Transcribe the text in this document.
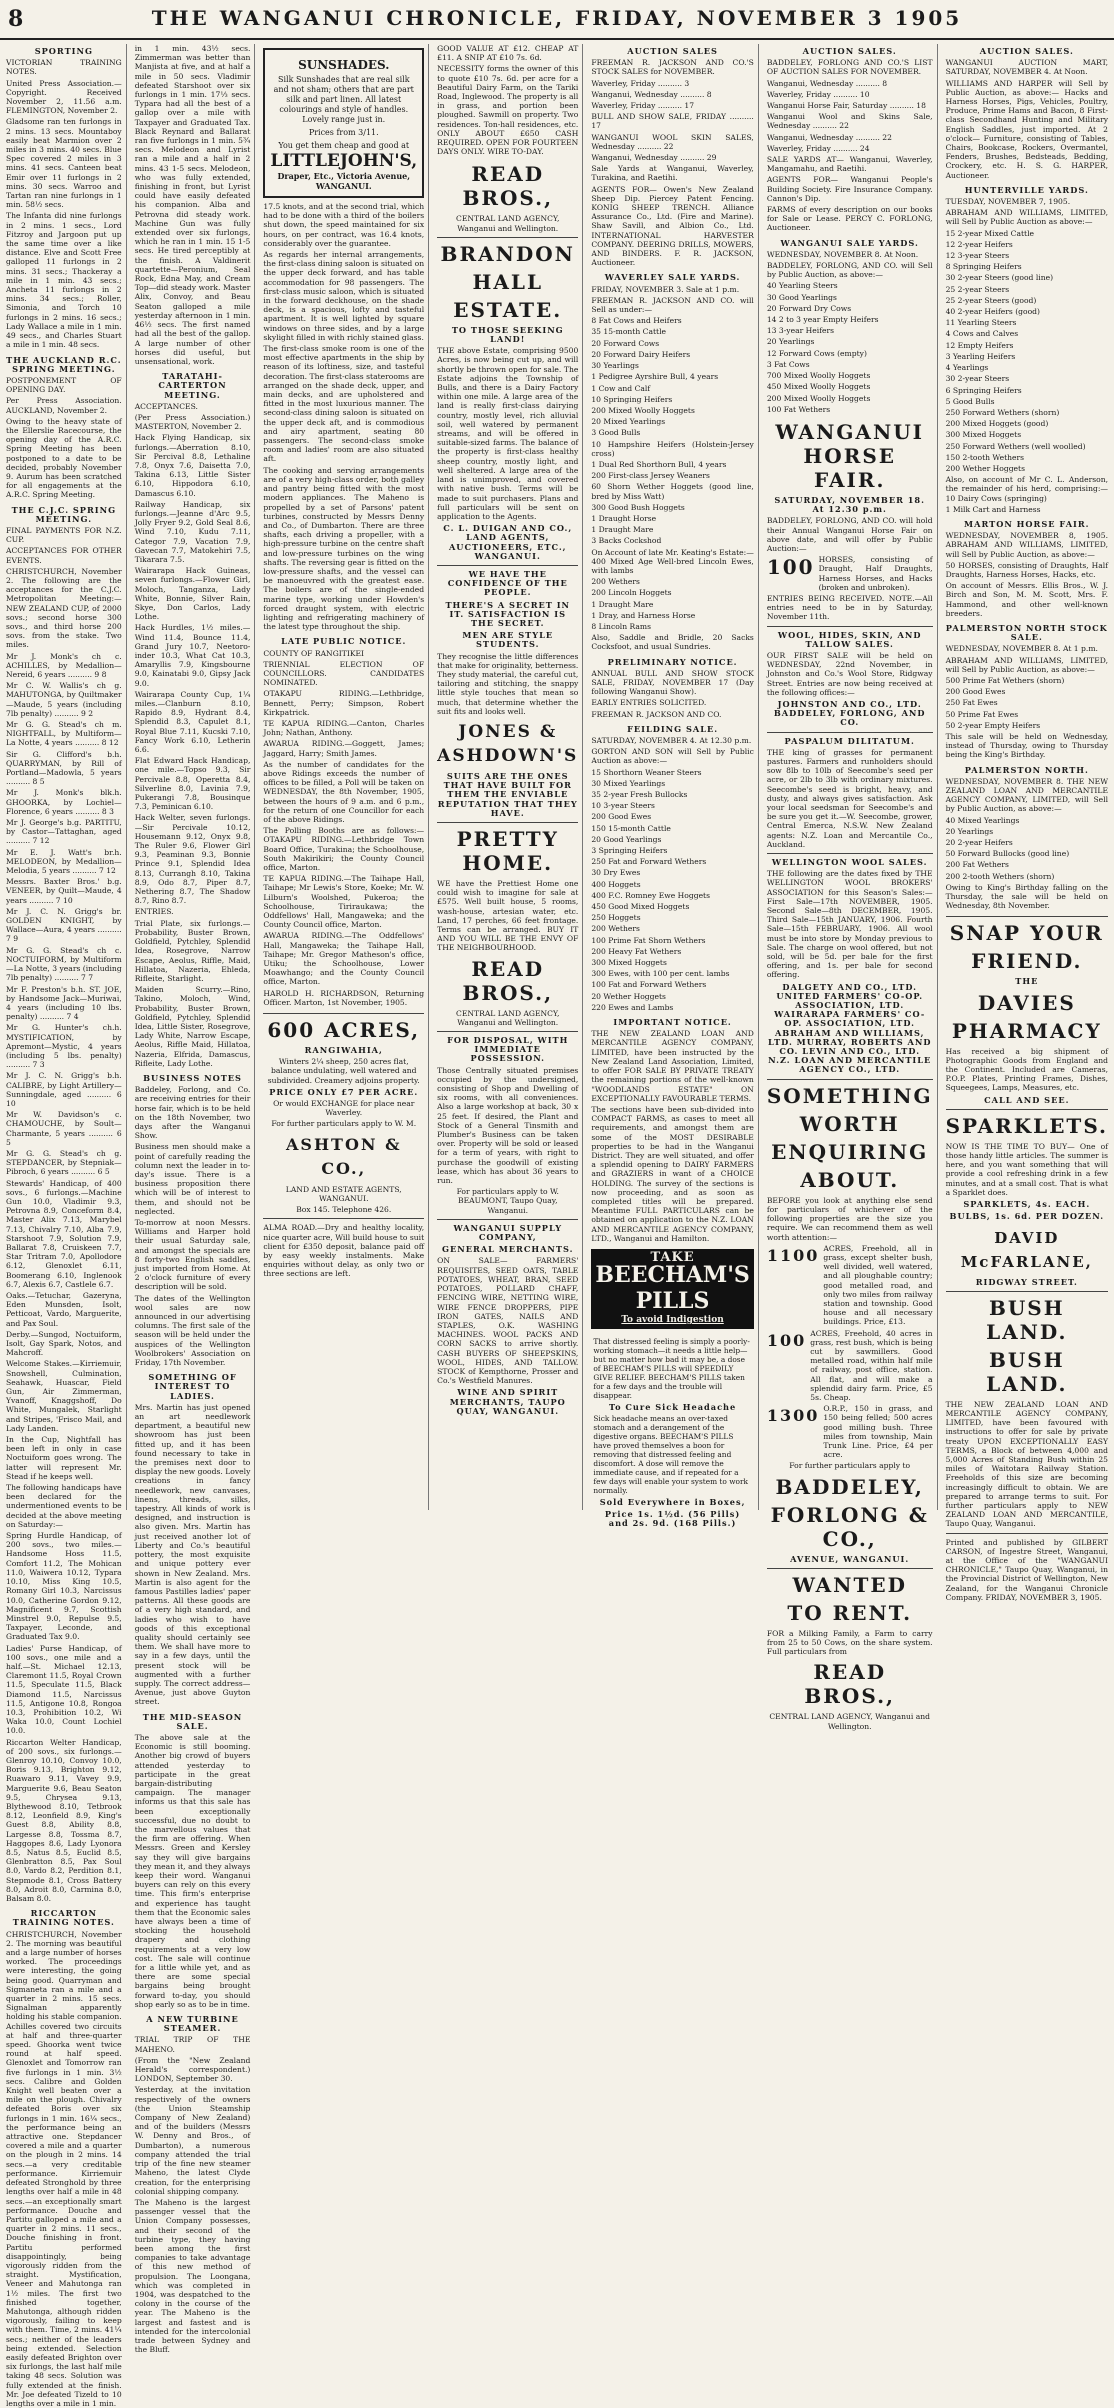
8	THE WANGANUI CHRONICLE, FRIDAY, NOVEMBER 3 1905
SPORTING
VICTORIAN TRAINING NOTES.
United Press Association.—Copyright. Received November 2, 11.56 a.m. FLEMINGTON, November 2.
Gladsome ran ten furlongs in 2 mins. 13 secs. Mountaboy easily beat Marmion over 2 miles in 3 mins. 40 secs. Blue Spec covered 2 miles in 3 mins. 41 secs. Canteen beat Emir over 11 furlongs in 2 mins. 30 secs. Warroo and Tartan ran nine furlongs in 1 min. 58½ secs.
The Infanta did nine furlongs in 2 mins. 1 secs., Lord Fitzroy and Jargoon put up the same time over a like distance. Elve and Scott Free galloped 11 furlongs in 2 mins. 31 secs.; Thackeray a mile in 1 min. 43 secs.; Ancheta 11 furlongs in 2 mins. 34 secs.; Roller, Simonia, and Torch 10 furlongs in 2 mins. 16 secs.; Lady Wallace a mile in 1 min. 49 secs., and Charles Stuart a mile in 1 min. 48 secs.
THE AUCKLAND R.C. SPRING MEETING.
POSTPONEMENT OF OPENING DAY.
Per Press Association. AUCKLAND, November 2.
Owing to the heavy state of the Ellerslie Racecourse, the opening day of the A.R.C. Spring Meeting has been postponed to a date to be decided, probably November 9. Aurum has been scratched for all engagements at the A.R.C. Spring Meeting.
THE C.J.C. SPRING MEETING.
FINAL PAYMENTS FOR N.Z. CUP.
ACCEPTANCES FOR OTHER EVENTS.
CHRISTCHURCH, November 2. The following are the acceptances for the C.J.C. Metropolitan Meeting:— NEW ZEALAND CUP, of 2000 sovs.; second horse 300 sovs., and third horse 200 sovs. from the stake. Two miles.
Mr J. Monk's ch c. ACHILLES, by Medallion—Nereid, 6 years .......... 9 8
Mr C. W. Wallis's ch g. MAHUTONGA, by Quiltmaker—Maude, 5 years (including 7lb penalty) .......... 9 2
Mr G. G. Stead's ch m. NIGHTFALL, by Multiform—La Notte, 4 years .......... 8 12
Sir G. Clifford's b.h. QUARRYMAN, by Rill of Portland—Madowla, 5 years .......... 8 5
Mr J. Monk's blk.h. GHOORKA, by Lochiel—Florence, 6 years .......... 8 3
Mr J. George's b.g. PARTITU, by Castor—Tattaghan, aged .......... 7 12
Mr E. J. Watt's br.h. MELODEON, by Medallion—Melodia, 5 years .......... 7 12
Messrs. Baxter Bros.' b.g. VENEER, by Quilt—Maude, 4 years .......... 7 10
Mr J. C. N. Grigg's br. GOLDEN KNIGHT, by Wallace—Aura, 4 years .......... 7 9
Mr G. G. Stead's ch c. NOCTUIFORM, by Multiform—La Notte, 3 years (including 7lb penalty) .......... 7 7
Mr F. Preston's b.h. ST. JOE, by Handsome Jack—Muriwai, 4 years (including 10 lbs. penalty) .......... 7 4
Mr G. Hunter's ch.h. MYSTIFICATION, by Apremont—Mystic, 4 years (including 5 lbs. penalty) .......... 7 3
Mr J. C. N. Grigg's b.h. CALIBRE, by Light Artillery—Sunningdale, aged .......... 6 10
Mr W. Davidson's c. CHAMOUCHE, by Soult—Charmante, 5 years .......... 6 5
Mr G. G. Stead's ch g. STEPDANCER, by Stepniak—Pibroch, 6 years .......... 6 5
Stewards' Handicap, of 400 sovs., 6 furlongs.—Machine Gun 10.0, Vladimir 9.3, Petrovna 8.9, Conceform 8.4, Master Alix 7.13, Marybel 7.13, Chivalry 7.10, Alba 7.9, Starshoot 7.9, Solution 7.9, Ballarat 7.8, Cruiskeen 7.7, Star Tritram 7.0, Apollodore 6.12, Glenoxlet 6.11, Boomerang 6.10, Inglenook 6.7, Alexis 6.7, Castlele 6.7.
Oaks.—Tetuchar, Gazeryna, Eden Munsden, Isolt, Petticoat, Vardo, Marguerite, and Pax Soul.
Derby.—Sungod, Noctuiform, Isolt, Gay Spark, Notos, and Mahcroff.
Welcome Stakes.—Kirriemuir, Snowshell, Culmination, Seahawk, Huascar, Field Gun, Air Zimmerman, Yvanoff, Knaggshoff, Do White, Mungalek, Starlight and Stripes, 'Frisco Mail, and Lady Landen.
In the Cup, Nightfall has been left in only in case Noctuiform goes wrong. The latter will represent Mr. Stead if he keeps well.
The following handicaps have been declared for the undermentioned events to be decided at the above meeting on Saturday:—
Spring Hurdle Handicap, of 200 sovs., two miles.—Handsome Hoss 11.5, Comfort 11.2, The Mohican 11.0, Waiwera 10.12, Typara 10.10, Miss King 10.5, Romany Girl 10.3, Narcissus 10.0, Catherine Gordon 9.12, Magnificent 9.7, Scottish Minstrel 9.0, Repulse 9.5, Taxpayer, Leconde, and Graduated Tax 9.0.
Ladies' Purse Handicap, of 100 sovs., one mile and a half.—St. Michael 12.13, Claremont 11.5, Royal Crown 11.5, Speculate 11.5, Black Diamond 11.5, Narcissus 11.5, Antigone 10.8, Rongoa 10.3, Prohibition 10.2, Wi Waka 10.0, Count Lochiel 10.0.
Riccarton Welter Handicap, of 200 sovs., six furlongs.—Glenroy 10.10, Convoy 10.0, Boris 9.13, Brighton 9.12, Ruawaro 9.11, Vavey 9.9, Marguerite 9.6, Beau Seaton 9.5, Chrysea 9.13, Blythewood 8.10, Tetbrook 8.12, Leonfield 8.9, King's Guest 8.8, Ability 8.8, Largesse 8.8, Tossma 8.7, Haggopes 8.6, Lady Lyonora 8.5, Natus 8.5, Euclid 8.5, Glenbratton 8.5, Pax Soul 8.0, Vardo 8.2, Perdition 8.1, Stepmode 8.1, Cross Battery 8.0, Adroit 8.0, Carmina 8.0, Balsam 8.0.
RICCARTON TRAINING NOTES.
CHRISTCHURCH, November 2. The morning was beautiful and a large number of horses worked. The proceedings were interesting, the going being good. Quarryman and Sigmaneta ran a mile and a quarter in 2 mins. 15 secs. Signalman apparently holding his stable companion. Achilles covered two circuits at half and three-quarter speed. Ghoorka went twice round at half speed. Glenoxlet and Tomorrow ran five furlongs in 1 min. 3½ secs. Calibre and Golden Knight well beaten over a mile on the plough. Chivalry defeated Boris over six furlongs in 1 min. 16¼ secs., the performance being an attractive one. Stepdancer covered a mile and a quarter on the plough in 2 mins. 14 secs.—a very creditable performance. Kirriemuir defeated Stronghold by three lengths over half a mile in 48 secs.—an exceptionally smart performance. Douche and Partitu galloped a mile and a quarter in 2 mins. 11 secs., Douche finishing in front. Partitu performed disappointingly, being vigorously ridden from the straight. Mystification, Veneer and Mahutonga ran 1½ miles. The first two finished together, Mahutonga, although ridden vigorously, failing to keep with them. Time, 2 mins. 41¼ secs.; neither of the leaders being extended. Selection easily defeated Brighton over six furlongs, the last half mile taking 48 secs. Solution was fully extended at the finish. Mr. Joe defeated Tizeld to 10 lengths over a mile in 1 min.
in 1 min. 43½ secs. Zimmerman was better than Manjista at five, and at half a mile in 50 secs. Vladimir defeated Starshoot over six furlongs in 1 min. 17⅓ secs. Typara had all the best of a gallop over a mile with Taxpayer and Graduated Tax. Black Reynard and Ballarat ran five furlongs in 1 min. 5¾ secs. Melodeon and Lyrist ran a mile and a half in 2 mins. 43 1-5 secs. Melodeon, who was fully extended, finishing in front, but Lyrist could have easily defeated his companion. Alba and Petrovna did steady work. Machine Gun was fully extended over six furlongs, which he ran in 1 min. 15 1-5 secs. He tired perceptibly at the finish. A Valdinerit quartette—Peronium, Seal Rock, Edna May, and Cream Top—did steady work. Master Alix, Convoy, and Beau Seaton galloped a mile yesterday afternoon in 1 min. 46½ secs. The first named had all the best of the gallop. A large number of other horses did useful, but unsensational, work.
TARATAHI-CARTERTON MEETING.
ACCEPTANCES.
(Per Press Association.) MASTERTON, November 2.
Hack Flying Handicap, six furlongs.—Aberration 8.10, Sir Percival 8.8, Lethaline 7.8, Onyx 7.6, Daisetta 7.0, Takina 6.13, Little Sister 6.10, Hippodora 6.10, Damascus 6.10.
Railway Handicap, six furlongs.—Jeanne d'Arc 9.5, Jolly Fryer 9.2, Gold Seal 8.6, Wind 7.10, Kudu 7.11, Categor 7.9, Vacation 7.9, Gavecan 7.7, Matokehiri 7.5, Tikarara 7.5.
Wairarapa Hack Guineas, seven furlongs.—Flower Girl, Moloch, Tanganza, Lady White, Bonnie, Silver Rain, Skye, Don Carlos, Lady Lothe.
Hack Hurdles, 1½ miles.—Wind 11.4, Bounce 11.4, Grand Jury 10.7, Neetoro-inder 10.3, What Cat 10.3, Amaryllis 7.9, Kingsbourne 9.0, Kainatabi 9.0, Gipsy Jack 9.0.
Wairarapa County Cup, 1¼ miles.—Clanburn 8.10, Rapido 8.9, Hydrant 8.4, Splendid 8.3, Capulet 8.1, Royal Blue 7.11, Kucski 7.10, Fancy Work 6.10, Letherin 6.6.
Flat Edward Hack Handicap, one mile.—Topso 9.3, Sir Percivale 8.8, Operetta 8.4, Silverline 8.0, Lavinia 7.9, Pukerangi 7.8, Bousinque 7.3, Peminican 6.10.
Hack Welter, seven furlongs.—Sir Percivale 10.12, Housemann 9.12, Onyx 9.8, The Ruler 9.6, Flower Girl 9.3, Peaminan 9.3, Bonnie Prince 9.1, Splendid Idea 8.13, Currangh 8.10, Takina 8.9, Odo 8.7, Piper 8.7, Nethering 8.7, The Shadow 8.7, Rino 8.7.
ENTRIES.
Trial Plate, six furlongs.—Probability, Buster Brown, Goldfield, Pytchley, Splendid Idea, Rosegrove, Narrow Escape, Aeolus, Riffle, Maid, Hillatoa, Nazeria, Ehleda, Rifleite, Starlight.
Maiden Scurry.—Rino, Takino, Moloch, Wind, Probability, Buster Brown, Goldfield, Pytchley, Splendid Idea, Little Sister, Rosegrove, Lady White, Narrow Escape, Aeolus, Riffle Maid, Hillatoa, Nazeria, Elfrida, Damascus, Rifleite, Lady Lothe.
BUSINESS NOTES
Baddeley, Forlong, and Co. are receiving entries for their horse fair, which is to be held on the 18th November, two days after the Wanganui Show.
Business men should make a point of carefully reading the column next the leader in to-day's issue. There is a business proposition there which will be of interest to them, and should not be neglected.
To-morrow at noon Messrs. Williams and Harper hold their usual Saturday sale, and amongst the specials are 8 forty-two English saddles, just imported from Home. At 2 o'clock furniture of every description will be sold.
The dates of the Wellington wool sales are now announced in our advertising columns. The first sale of the season will be held under the auspices of the Wellington Woolbrokers' Association on Friday, 17th November.
SOMETHING OF INTEREST TO LADIES.
Mrs. Martin has just opened an art needlework department, a beautiful new showroom has just been fitted up, and it has been found necessary to take in the premises next door to display the new goods. Lovely creations in fancy needlework, new canvases, linens, threads, silks, tapestry. All kinds of work is designed, and instruction is also given. Mrs. Martin has just received another lot of Liberty and Co.'s beautiful pottery, the most exquisite and unique pottery ever shown in New Zealand. Mrs. Martin is also agent for the famous Pastilles ladies' paper patterns. All these goods are of a very high standard, and ladies who wish to have goods of this exceptional quality should certainly see them. We shall have more to say in a few days, until the present stock will be augmented with a further supply. The correct address—Avenue, just above Guyton street.
THE MID-SEASON SALE.
The above sale at the Economic is still booming. Another big crowd of buyers attended yesterday to participate in the great bargain-distributing campaign. The manager informs us that this sale has been exceptionally successful, due no doubt to the marvellous values that the firm are offering. When Messrs. Green and Kersley say they will give bargains they mean it, and they always keep their word. Wanganui buyers can rely on this every time. This firm's enterprise and experience has taught them that the Economic sales have always been a time of stocking the household drapery and clothing requirements at a very low cost. The sale will continue for a little while yet, and as there are some special bargains being brought forward to-day, you should shop early so as to be in time.
A NEW TURBINE STEAMER.
TRIAL TRIP OF THE MAHENO.
(From the "New Zealand Herald's correspondent.) LONDON, September 30.
Yesterday, at the invitation respectively of the owners (the Union Steamship Company of New Zealand) and of the builders (Messrs W. Denny and Bros., of Dumbarton), a numerous company attended the trial trip of the fine new steamer Maheno, the latest Clyde creation, for the enterprising colonial shipping company.
The Maheno is the largest passenger vessel that the Union Company possesses, and their second of the turbine type, they having been among the first companies to take advantage of this new method of propulsion. The Loongana, which was completed in 1904, was despatched to the colony in the course of the year. The Maheno is the largest and fastest and is intended for the intercolonial trade between Sydney and the Bluff.
SUNSHADES.
Silk Sunshades that are real silk and not sham; others that are part silk and part linen. All latest colourings and style of handles. Lovely range just in.
Prices from 3/11.
You get them cheap and good at
LITTLEJOHN'S,
Draper, Etc., Victoria Avenue, WANGANUI.
17.5 knots, and at the second trial, which had to be done with a third of the boilers shut down, the speed maintained for six hours, on per contract, was 16.4 knots, considerably over the guarantee.
As regards her internal arrangements, the first-class dining saloon is situated on the upper deck forward, and has table accommodation for 98 passengers. The first-class music saloon, which is situated in the forward deckhouse, on the shade deck, is a spacious, lofty and tasteful apartment. It is well lighted by square windows on three sides, and by a large skylight filled in with richly stained glass.
The first-class smoke room is one of the most effective apartments in the ship by reason of its loftiness, size, and tasteful decoration. The first-class staterooms are arranged on the shade deck, upper, and main decks, and are upholstered and fitted in the most luxurious manner. The second-class dining saloon is situated on the upper deck aft, and is commodious and airy apartment, seating 80 passengers. The second-class smoke room and ladies' room are also situated aft.
The cooking and serving arrangements are of a very high-class order, both galley and pantry being fitted with the most modern appliances. The Maheno is propelled by a set of Parsons' patent turbines, constructed by Messrs Denny and Co., of Dumbarton. There are three shafts, each driving a propeller, with a high-pressure turbine on the centre shaft and low-pressure turbines on the wing shafts. The reversing gear is fitted on the low-pressure shafts, and the vessel can be manoeuvred with the greatest ease. The boilers are of the single-ended marine type, working under Howden's forced draught system, with electric lighting and refrigerating machinery of the latest type throughout the ship.
LATE PUBLIC NOTICE.
COUNTY OF RANGITIKEI
TRIENNIAL ELECTION OF COUNCILLORS. CANDIDATES NOMINATED.
OTAKAPU RIDING.—Lethbridge, Bennett, Perry; Simpson, Robert Kirkpatrick.
TE KAPUA RIDING.—Canton, Charles John; Nathan, Anthony.
AWARUA RIDING.—Goggett, James; Jaggard, Harry; Smith James.
As the number of candidates for the above Ridings exceeds the number of offices to be filled, a Poll will be taken on WEDNESDAY, the 8th November, 1905, between the hours of 9 a.m. and 6 p.m., for the return of one Councillor for each of the above Ridings.
The Polling Booths are as follows:—OTAKAPU RIDING.—Lethbridge Town Board Office, Turakina; the Schoolhouse, South Makirikiri; the County Council office, Marton.
TE KAPUA RIDING.—The Taihape Hall, Taihape; Mr Lewis's Store, Koeke; Mr. W. Lilburn's Woolshed, Pukeroa; the Schoolhouse, Tiriraukawa; the Oddfellows' Hall, Mangaweka; and the County Council office, Marton.
AWARUA RIDING.—The Oddfellows' Hall, Mangaweka; the Taihape Hall, Taihape; Mr. Gregor Matheson's office, Utiku; the Schoolhouse, Lower Moawhango; and the County Council office, Marton.
HAROLD H. RICHARDSON, Returning Officer. Marton, 1st November, 1905.
600 ACRES,
RANGIWAHIA,
Winters 2¼ sheep, 250 acres flat, balance undulating, well watered and subdivided. Creamery adjoins property.
PRICE ONLY £7 PER ACRE.
Or would EXCHANGE for place near Waverley.
For further particulars apply to W. M.
ASHTON & CO.,
LAND AND ESTATE AGENTS, WANGANUI.
Box 145. Telephone 426.
ALMA ROAD.—Dry and healthy locality, nice quarter acre, Will build house to suit client for £350 deposit, balance paid off by easy weekly instalments. Make enquiries without delay, as only two or three sections are left.
GOOD VALUE AT £12. CHEAP AT £11. A SNIP AT £10 7s. 6d.
NECESSITY forms the owner of this to quote £10 7s. 6d. per acre for a Beautiful Dairy Farm, on the Tariki Road, Inglewood. The property is all in grass, and portion been ploughed. Sawmill on property. Two residences. Ton-hall residences, etc. ONLY ABOUT £650 CASH REQUIRED. OPEN FOR FOURTEEN DAYS ONLY. WIRE TO-DAY.
READ BROS.,
CENTRAL LAND AGENCY, Wanganui and Wellington.
BRANDON
HALL
ESTATE.
TO THOSE SEEKING LAND!
THE above Estate, comprising 9500 Acres, is now being cut up, and will shortly be thrown open for sale. The Estate adjoins the Township of Bulls, and there is a Dairy Factory within one mile. A large area of the land is really first-class dairying country, mostly level, rich alluvial soil, well watered by permanent streams, and will be offered in suitable-sized farms. The balance of the property is first-class healthy sheep country, mostly light, and well sheltered. A large area of the land is unimproved, and covered with native bush. Terms will be made to suit purchasers. Plans and full particulars will be sent on application to the Agents.
C. L. DUIGAN AND CO., LAND AGENTS, AUCTIONEERS, ETC., WANGANUI.
WE HAVE THE CONFIDENCE OF THE PEOPLE.
THERE'S A SECRET IN IT. SATISFACTION IS THE SECRET.
MEN ARE STYLE STUDENTS.
They recognise the little differences that make for originality, betterness. They study material, the careful cut, tailoring and stitching, the snappy little style touches that mean so much, that determine whether the suit fits and looks well.
JONES & ASHDOWN'S
SUITS ARE THE ONES THAT HAVE BUILT FOR THEM THE ENVIABLE REPUTATION THAT THEY HAVE.
PRETTY HOME.
WE have the Prettiest Home one could wish to imagine for sale at £575. Well built house, 5 rooms, wash-house, artesian water, etc. Land, 17 perches, 66 feet frontage. Terms can be arranged. BUY IT AND YOU WILL BE THE ENVY OF THE NEIGHBOURHOOD.
READ BROS.,
CENTRAL LAND AGENCY, Wanganui and Wellington.
FOR DISPOSAL, WITH IMMEDIATE POSSESSION.
Those Centrally situated premises occupied by the undersigned, consisting of Shop and Dwelling of six rooms, with all conveniences. Also a large workshop at back, 30 x 25 feet. If desired, the Plant and Stock of a General Tinsmith and Plumber's Business can be taken over. Property will be sold or leased for a term of years, with right to purchase the goodwill of existing lease, which has about 36 years to run.
For particulars apply to W. BEAUMONT, Taupo Quay, Wanganui.
WANGANUI SUPPLY COMPANY,
GENERAL MERCHANTS.
ON SALE— FARMERS' REQUISITES, SEED OATS, TABLE POTATOES, WHEAT, BRAN, SEED POTATOES, POLLARD CHAFF, FENCING WIRE, NETTING WIRE, WIRE FENCE DROPPERS, PIPE IRON GATES, NAILS AND STAPLES, O.K. WASHING MACHINES. WOOL PACKS AND CORN SACKS to arrive shortly. CASH BUYERS OF SHEEPSKINS, WOOL, HIDES, AND TALLOW. STOCK of Kempthorne, Prosser and Co.'s Westfield Manures.
WINE AND SPIRIT MERCHANTS, TAUPO QUAY, WANGANUI.
AUCTION SALES
FREEMAN R. JACKSON AND CO.'S STOCK SALES for NOVEMBER.
Waverley, Friday .......... 3
Wanganui, Wednesday .......... 8
Waverley, Friday .......... 17
BULL AND SHOW SALE, FRIDAY .......... 17
WANGANUI WOOL SKIN SALES, Wednesday .......... 22
Wanganui, Wednesday .......... 29
Sale Yards at Wanganui, Waverley, Turakina, and Raetihi.
AGENTS FOR— Owen's New Zealand Sheep Dip. Piercey Patent Fencing. KONIG SHEEP TRENCH. Alliance Assurance Co., Ltd. (Fire and Marine). Shaw Savill, and Albion Co., Ltd. INTERNATIONAL HARVESTER COMPANY. DEERING DRILLS, MOWERS, AND BINDERS. F. R. JACKSON, Auctioneer.
WAVERLEY SALE YARDS.
FRIDAY, NOVEMBER 3. Sale at 1 p.m.
FREEMAN R. JACKSON AND CO. will Sell as under:—
8 Fat Cows and Heifers
35 15-month Cattle
20 Forward Cows
20 Forward Dairy Heifers
30 Yearlings
1 Pedigree Ayrshire Bull, 4 years
1 Cow and Calf
10 Springing Heifers
200 Mixed Woolly Hoggets
20 Mixed Yearlings
3 Good Bulls
10 Hampshire Heifers (Holstein-Jersey cross)
1 Dual Red Shorthorn Bull, 4 years
200 First-class Jersey Weaners
60 Shorn Wether Hoggets (good line, bred by Miss Watt)
300 Good Bush Hoggets
1 Draught Horse
1 Draught Mare
3 Backs Cockshod
On Account of late Mr. Keating's Estate:— 400 Mixed Age Well-bred Lincoln Ewes, with lambs
200 Wethers
200 Lincoln Hoggets
1 Draught Mare
1 Dray, and Harness Horse
8 Lincoln Rams
Also, Saddle and Bridle, 20 Sacks Cocksfoot, and usual Sundries.
PRELIMINARY NOTICE.
ANNUAL BULL AND SHOW STOCK SALE, FRIDAY, NOVEMBER 17 (Day following Wanganui Show).
EARLY ENTRIES SOLICITED.
FREEMAN R. JACKSON AND CO.
FEILDING SALE.
SATURDAY, NOVEMBER 4. At 12.30 p.m.
GORTON AND SON will Sell by Public Auction as above:—
15 Shorthorn Weaner Steers
30 Mixed Yearlings
35 2-year Fresh Bullocks
10 3-year Steers
200 Good Ewes
150 15-month Cattle
20 Good Yearlings
3 Springing Heifers
250 Fat and Forward Wethers
30 Dry Ewes
400 Hoggets
400 F.C. Romney Ewe Hoggets
450 Good Mixed Hoggets
250 Hoggets
200 Wethers
100 Prime Fat Shorn Wethers
200 Heavy Fat Wethers
300 Mixed Hoggets
300 Ewes, with 100 per cent. lambs
100 Fat and Forward Wethers
20 Wether Hoggets
220 Ewes and Lambs
IMPORTANT NOTICE.
THE NEW ZEALAND LOAN AND MERCANTILE AGENCY COMPANY, LIMITED, have been instructed by the New Zealand Land Association, Limited, to offer FOR SALE BY PRIVATE TREATY the remaining portions of the well-known "WOODLANDS ESTATE" ON EXCEPTIONALLY FAVOURABLE TERMS.
The sections have been sub-divided into COMPACT FARMS, as cases to meet all requirements, and amongst them are some of the MOST DESIRABLE properties to be had in the Wanganui District. They are well situated, and offer a splendid opening to DAIRY FARMERS and GRAZIERS in want of a CHOICE HOLDING. The survey of the sections is now proceeding, and as soon as completed titles will be prepared. Meantime FULL PARTICULARS can be obtained on application to the N.Z. LOAN AND MERCANTILE AGENCY COMPANY, LTD., Wanganui and Hamilton.
TAKE
BEECHAM'S
PILLS
To avoid Indigestion
That distressed feeling is simply a poorly-working stomach—it needs a little help—but no matter how bad it may be, a dose of BEECHAM'S PILLS will SPEEDILY GIVE RELIEF. BEECHAM'S PILLS taken for a few days and the trouble will disappear.
To Cure Sick Headache
Sick headache means an over-taxed stomach and a derangement of the digestive organs. BEECHAM'S PILLS have proved themselves a boon for removing that distressed feeling and discomfort. A dose will remove the immediate cause, and if repeated for a few days will enable your system to work normally.
Sold Everywhere in Boxes,
Price 1s. 1½d. (56 Pills) and 2s. 9d. (168 Pills.)
AUCTION SALES.
BADDELEY, FORLONG AND CO.'S LIST OF AUCTION SALES FOR NOVEMBER.
Wanganui, Wednesday .......... 8
Waverley, Friday .......... 10
Wanganui Horse Fair, Saturday .......... 18
Wanganui Wool and Skins Sale, Wednesday .......... 22
Wanganui, Wednesday .......... 22
Waverley, Friday .......... 24
SALE YARDS AT— Wanganui, Waverley, Mangamahu, and Raetihi.
AGENTS FOR— Wanganui People's Building Society. Fire Insurance Company. Cannon's Dip.
FARMS of every description on our books for Sale or Lease. PERCY C. FORLONG, Auctioneer.
WANGANUI SALE YARDS.
WEDNESDAY, NOVEMBER 8. At Noon.
BADDELEY, FORLONG, AND CO. will Sell by Public Auction, as above:—
40 Yearling Steers
30 Good Yearlings
20 Forward Dry Cows
14 2 to 3 year Empty Heifers
13 3-year Heifers
20 Yearlings
12 Forward Cows (empty)
3 Fat Cows
700 Mixed Woolly Hoggets
450 Mixed Woolly Hoggets
200 Mixed Woolly Hoggets
100 Fat Wethers
WANGANUI HORSE FAIR.
SATURDAY, NOVEMBER 18. At 12.30 p.m.
BADDELEY, FORLONG, AND CO. will hold their Annual Wanganui Horse Fair on above date, and will offer by Public Auction:—
100 HORSES, consisting of Draught, Half Draughts, Harness Horses, and Hacks (broken and unbroken).
ENTRIES BEING RECEIVED. NOTE.—All entries need to be in by Saturday, November 11th.
WOOL, HIDES, SKIN, AND TALLOW SALES.
OUR FIRST SALE will be held on WEDNESDAY, 22nd November, in Johnston and Co.'s Wool Store, Ridgway Street. Entries are now being received at the following offices:—
JOHNSTON AND CO., LTD. BADDELEY, FORLONG, AND CO.
PASPALUM DILITATUM.
THE king of grasses for permanent pastures. Farmers and runholders should sow 8lb to 10lb of Seecombe's seed per acre, or 2lb to 3lb with ordinary mixtures. Seecombe's seed is bright, heavy, and dusty, and always gives satisfaction. Ask your local seedsman for Seecombe's and be sure you get it.—W. Seecombe, grower, Central Emerca, N.S.W. New Zealand agents: N.Z. Loan and Mercantile Co., Auckland.
WELLINGTON WOOL SALES.
THE following are the dates fixed by THE WELLINGTON WOOL BROKERS' ASSOCIATION for this Season's Sales:— First Sale—17th NOVEMBER, 1905. Second Sale—8th DECEMBER, 1905. Third Sale—15th JANUARY, 1906. Fourth Sale—15th FEBRUARY, 1906. All wool must be into store by Monday previous to Sale. The charge on wool offered, but not sold, will be 5d. per bale for the first offering, and 1s. per bale for second offering.
DALGETY AND CO., LTD. UNITED FARMERS' CO-OP. ASSOCIATION, LTD. WAIRARAPA FARMERS' CO-OP. ASSOCIATION, LTD. ABRAHAM AND WILLIAMS, LTD. MURRAY, ROBERTS AND CO. LEVIN AND CO., LTD. N.Z. LOAN AND MERCANTILE AGENCY CO., LTD.
SOMETHING
WORTH
ENQUIRING
ABOUT.
BEFORE you look at anything else send for particulars of whichever of the following properties are the size you require. We can recommend them as well worth attention:—
1100 ACRES, Freehold, all in grass, except shelter bush, well divided, well watered, and all ploughable country; good metalled road, and only two miles from railway station and township. Good house and all necessary buildings. Price, £13.
100 ACRES, Freehold, 40 acres in grass, rest bush, which is being cut by sawmillers. Good metalled road, within half mile of railway, post office, station. All flat, and will make a splendid dairy farm. Price, £5 5s. Cheap.
1300 O.R.P., 150 in grass, and 150 being felled; 500 acres good milling bush. Three miles from township, Main Trunk Line. Price, £4 per acre.
For further particulars apply to
BADDELEY,
FORLONG & CO.,
AVENUE, WANGANUI.
WANTED
TO RENT.
FOR a Milking Family, a Farm to carry from 25 to 50 Cows, on the share system. Full particulars from
READ BROS.,
CENTRAL LAND AGENCY, Wanganui and Wellington.
AUCTION SALES.
WANGANUI AUCTION MART, SATURDAY, NOVEMBER 4. At Noon.
WILLIAMS AND HARPER will Sell by Public Auction, as above:— Hacks and Harness Horses, Pigs, Vehicles, Poultry, Produce, Prime Hams and Bacon, 8 First-class Secondhand Hunting and Military English Saddles, just imported. At 2 o'clock— Furniture, consisting of Tables, Chairs, Bookcase, Rockers, Overmantel, Fenders, Brushes, Bedsteads, Bedding, Crockery, etc. H. S. G. HARPER, Auctioneer.
HUNTERVILLE YARDS.
TUESDAY, NOVEMBER 7, 1905.
ABRAHAM AND WILLIAMS, LIMITED, will Sell by Public Auction as above:—
15 2-year Mixed Cattle
12 2-year Heifers
12 3-year Steers
8 Springing Heifers
30 2-year Steers (good line)
25 2-year Steers
25 2-year Steers (good)
40 2-year Heifers (good)
11 Yearling Steers
4 Cows and Calves
12 Empty Heifers
3 Yearling Heifers
4 Yearlings
30 2-year Steers
6 Springing Heifers
5 Good Bulls
250 Forward Wethers (shorn)
200 Mixed Hoggets (good)
300 Mixed Hoggets
250 Forward Wethers (well woolled)
150 2-tooth Wethers
200 Wether Hoggets
Also, on account of Mr C. L. Anderson, the remainder of his herd, comprising:— 10 Dairy Cows (springing)
1 Milk Cart and Harness
MARTON HORSE FAIR.
WEDNESDAY, NOVEMBER 8, 1905. ABRAHAM AND WILLIAMS, LIMITED, will Sell by Public Auction, as above:—
50 HORSES, consisting of Draughts, Half Draughts, Harness Horses, Hacks, etc.
On account of Messrs. Ellis Bros., W. J. Birch and Son, M. M. Scott, Mrs. F. Hammond, and other well-known breeders.
PALMERSTON NORTH STOCK SALE.
WEDNESDAY, NOVEMBER 8. At 1 p.m.
ABRAHAM AND WILLIAMS, LIMITED, will Sell by Public Auction, as above:—
500 Prime Fat Wethers (shorn)
200 Good Ewes
250 Fat Ewes
50 Prime Fat Ewes
50 2-year Empty Heifers
This sale will be held on Wednesday, instead of Thursday, owing to Thursday being the King's Birthday.
PALMERSTON NORTH.
WEDNESDAY, NOVEMBER 8. THE NEW ZEALAND LOAN AND MERCANTILE AGENCY COMPANY, LIMITED, will Sell by Public Auction, as above:—
40 Mixed Yearlings
20 Yearlings
20 2-year Heifers
50 Forward Bullocks (good line)
200 Fat Wethers
200 2-tooth Wethers (shorn)
Owing to King's Birthday falling on the Thursday, the sale will be held on Wednesday, 8th November.
SNAP YOUR
FRIEND.
THE
DAVIES
PHARMACY
Has received a big shipment of Photographic Goods from England and the Continent. Included are Cameras, P.O.P. Plates, Printing Frames, Dishes, Squeegees, Lamps, Measures, etc.
CALL AND SEE.
SPARKLETS.
NOW IS THE TIME TO BUY— One of those handy little articles. The summer is here, and you want something that will provide a cool refreshing drink in a few minutes, and at a small cost. That is what a Sparklet does.
SPARKLETS, 4s. EACH.
BULBS, 1s. 6d. PER DOZEN.
DAVID McFARLANE,
RIDGWAY STREET.
BUSH LAND.
BUSH LAND.
THE NEW ZEALAND LOAN AND MERCANTILE AGENCY COMPANY, LIMITED, have been favoured with instructions to offer for sale by private treaty UPON EXCEPTIONALLY EASY TERMS, a Block of between 4,000 and 5,000 Acres of Standing Bush within 25 miles of Waitotara Railway Station. Freeholds of this size are becoming increasingly difficult to obtain. We are prepared to arrange terms to suit. For further particulars apply to NEW ZEALAND LOAN AND MERCANTILE, Taupo Quay, Wanganui.
Printed and published by GILBERT CARSON, of Ingestre Street, Wanganui, at the Office of the "WANGANUI CHRONICLE," Taupo Quay, Wanganui, in the Provincial District of Wellington, New Zealand, for the Wanganui Chronicle Company. FRIDAY, NOVEMBER 3, 1905.
